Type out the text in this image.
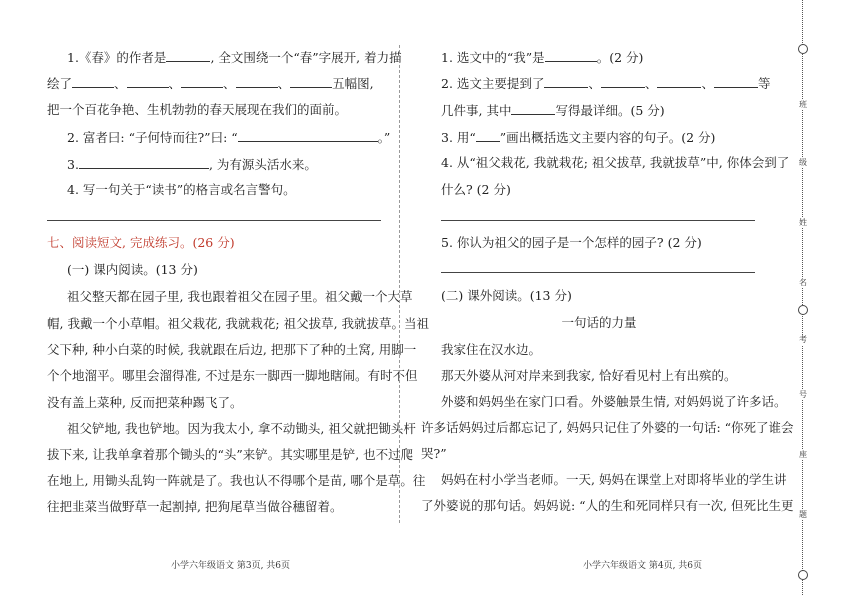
1.《春》的作者是	, 全文围绕一个“春”字展开, 着力描
绘了	、	、	、	、	五幅图,
把一个百花争艳、生机勃勃的春天展现在我们的面前。
2. 富者曰: “子何恃而往?”曰: “	。”
3.	, 为有源头活水来。
4. 写一句关于“读书”的格言或名言警句。
七、阅读短文, 完成练习。(26 分)
(一) 课内阅读。(13 分)
祖父整天都在园子里, 我也跟着祖父在园子里。祖父戴一个大草
帽, 我戴一个小草帽。祖父栽花, 我就栽花; 祖父拔草, 我就拔草。当祖
父下种, 种小白菜的时候, 我就跟在后边, 把那下了种的土窝, 用脚一
个个地溜平。哪里会溜得准, 不过是东一脚西一脚地瞎闹。有时不但
没有盖上菜种, 反而把菜种踢飞了。
祖父铲地, 我也铲地。因为我太小, 拿不动锄头, 祖父就把锄头杆
拔下来, 让我单拿着那个锄头的“头”来铲。其实哪里是铲, 也不过爬
在地上, 用锄头乱钩一阵就是了。我也认不得哪个是苗, 哪个是草。往
往把韭菜当做野草一起割掉, 把狗尾草当做谷穗留着。
1. 选文中的“我”是	。(2 分)
2. 选文主要提到了	、	、	、	等
几件事, 其中	写得最详细。(5 分)
3. 用“ ”画出概括选文主要内容的句子。(2 分)
4. 从“祖父栽花, 我就栽花; 祖父拔草, 我就拔草”中, 你体会到了
什么? (2 分)
5. 你认为祖父的园子是一个怎样的园子? (2 分)
(二) 课外阅读。(13 分)
一句话的力量
我家住在汉水边。
那天外婆从河对岸来到我家, 恰好看见村上有出殡的。
外婆和妈妈坐在家门口看。外婆触景生情, 对妈妈说了许多话。
许多话妈妈过后都忘记了, 妈妈只记住了外婆的一句话: “你死了谁会
哭?”
妈妈在村小学当老师。一天, 妈妈在课堂上对即将毕业的学生讲
了外婆说的那句话。妈妈说: “人的生和死同样只有一次, 但死比生更
小学六年级语文 第3页, 共6页	小学六年级语文 第4页, 共6页
班
级
姓
名
考
号
座
题
